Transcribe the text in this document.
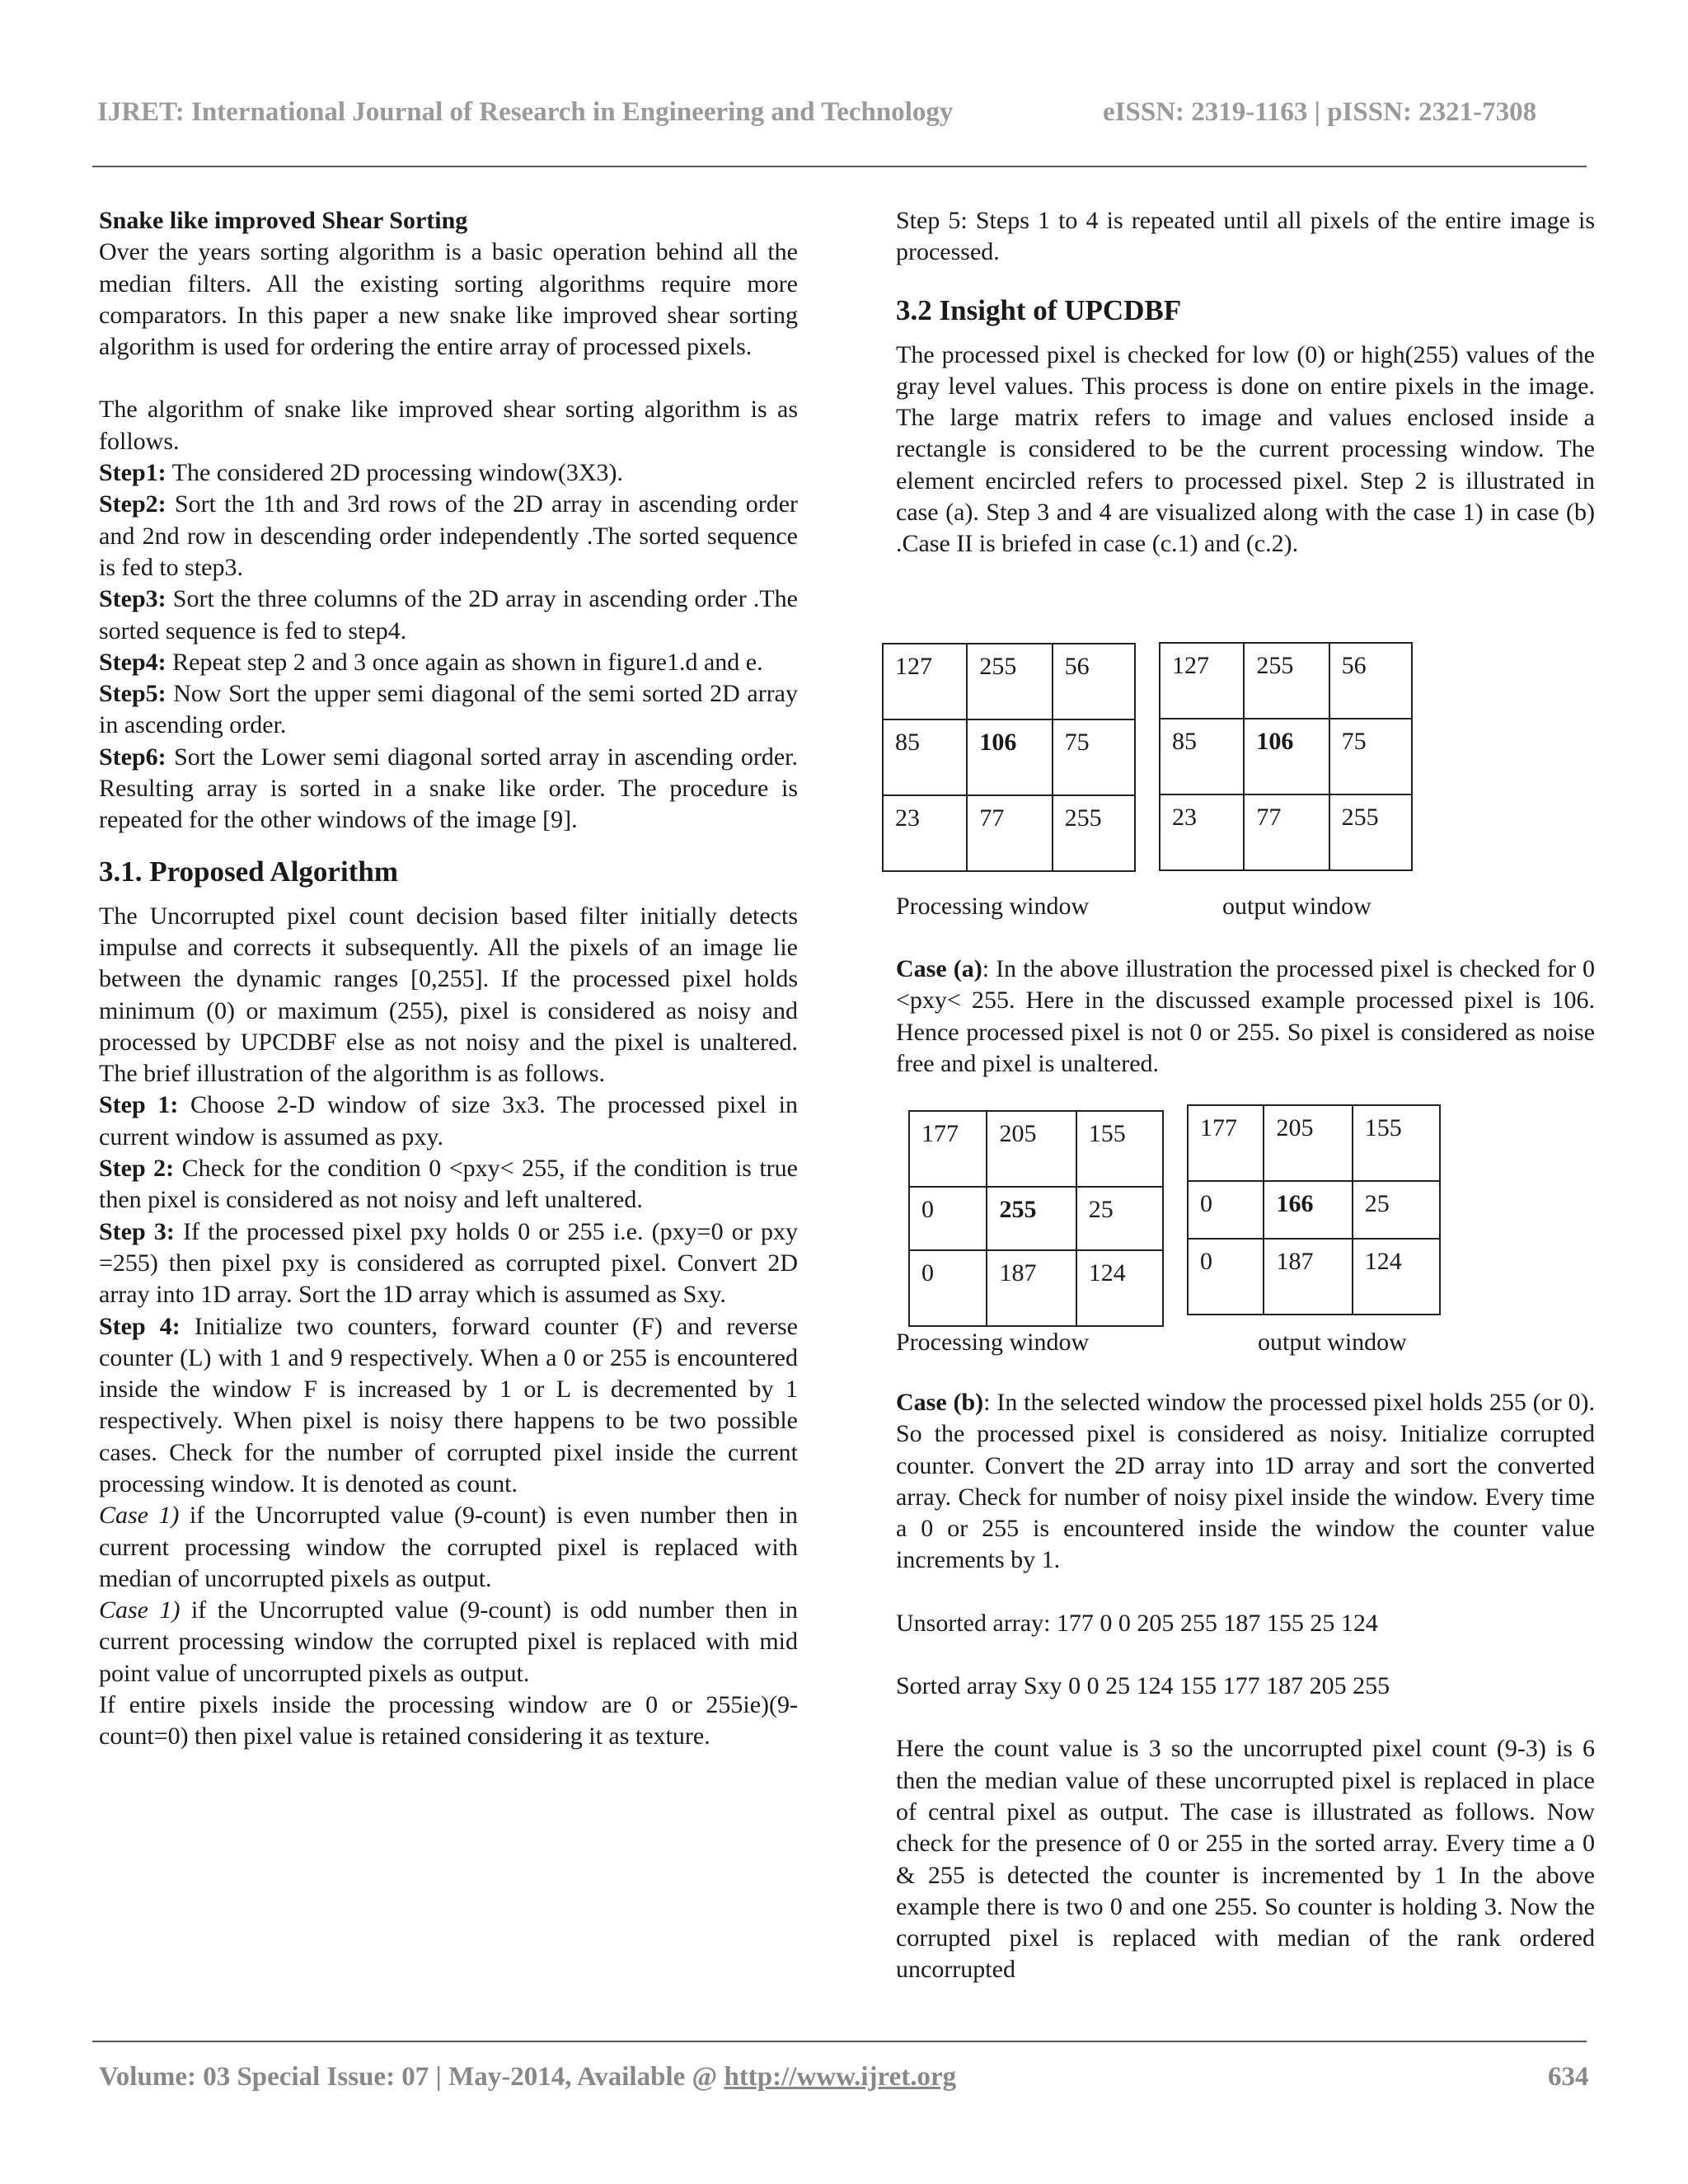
IJRET: International Journal of Research in Engineering and Technology	eISSN: 2319-1163 | pISSN: 2321-7308

Snake like improved Shear Sorting

Over the years sorting algorithm is a basic operation behind all the median filters. All the existing sorting algorithms require more comparators. In this paper a new snake like improved shear sorting algorithm is used for ordering the entire array of processed pixels.

The algorithm of snake like improved shear sorting algorithm is as follows.

Step1: The considered 2D processing window(3X3).

Step2: Sort the 1th and 3rd rows of the 2D array in ascending order and 2nd row in descending order independently .The sorted sequence is fed to step3.

Step3: Sort the three columns of the 2D array in ascending order .The sorted sequence is fed to step4.

Step4: Repeat step 2 and 3 once again as shown in figure1.d and e.

Step5: Now Sort the upper semi diagonal of the semi sorted 2D array in ascending order.

Step6: Sort the Lower semi diagonal sorted array in ascending order. Resulting array is sorted in a snake like order. The procedure is repeated for the other windows of the image [9].

3.1. Proposed Algorithm

The Uncorrupted pixel count decision based filter initially detects impulse and corrects it subsequently. All the pixels of an image lie between the dynamic ranges [0,255]. If the processed pixel holds minimum (0) or maximum (255), pixel is considered as noisy and processed by UPCDBF else as not noisy and the pixel is unaltered. The brief illustration of the algorithm is as follows.

Step 1: Choose 2-D window of size 3x3. The processed pixel in current window is assumed as pxy.

Step 2: Check for the condition 0 <pxy< 255, if the condition is true then pixel is considered as not noisy and left unaltered.

Step 3: If the processed pixel pxy holds 0 or 255 i.e. (pxy=0 or pxy =255) then pixel pxy is considered as corrupted pixel. Convert 2D array into 1D array. Sort the 1D array which is assumed as Sxy.

Step 4: Initialize two counters, forward counter (F) and reverse counter (L) with 1 and 9 respectively. When a 0 or 255 is encountered inside the window F is increased by 1 or L is decremented by 1 respectively. When pixel is noisy there happens to be two possible cases. Check for the number of corrupted pixel inside the current processing window. It is denoted as count.

Case 1) if the Uncorrupted value (9-count) is even number then in current processing window the corrupted pixel is replaced with median of uncorrupted pixels as output.

Case 1) if the Uncorrupted value (9-count) is odd number then in current processing window the corrupted pixel is replaced with mid point value of uncorrupted pixels as output.

If entire pixels inside the processing window are 0 or 255ie)(9-count=0) then pixel value is retained considering it as texture.

Step 5: Steps 1 to 4 is repeated until all pixels of the entire image is processed.

3.2 Insight of UPCDBF

The processed pixel is checked for low (0) or high(255) values of the gray level values. This process is done on entire pixels in the image. The large matrix refers to image and values enclosed inside a rectangle is considered to be the current processing window. The element encircled refers to processed pixel. Step 2 is illustrated in case (a). Step 3 and 4 are visualized along with the case 1) in case (b) .Case II is briefed in case (c.1) and (c.2).

Case (a): In the above illustration the processed pixel is checked for 0 <pxy< 255. Here in the discussed example processed pixel is 106. Hence processed pixel is not 0 or 255. So pixel is considered as noise free and pixel is unaltered.

Case (b): In the selected window the processed pixel holds 255 (or 0). So the processed pixel is considered as noisy. Initialize corrupted counter. Convert the 2D array into 1D array and sort the converted array. Check for number of noisy pixel inside the window. Every time a 0 or 255 is encountered inside the window the counter value increments by 1.

Unsorted array: 177 0 0 205 255 187 155 25 124

Sorted array Sxy 0 0 25 124 155 177 187 205 255

Here the count value is 3 so the uncorrupted pixel count (9-3) is 6 then the median value of these uncorrupted pixel is replaced in place of central pixel as output. The case is illustrated as follows. Now check for the presence of 0 or 255 in the sorted array. Every time a 0 & 255 is detected the counter is incremented by 1 In the above example there is two 0 and one 255. So counter is holding 3. Now the corrupted pixel is replaced with median of the rank ordered uncorrupted

127	255	56
85	106	75
23	77	255
127	255	56
85	106	75
23	77	255
Processing window	output window
177	205	155
0	255	25
0	187	124
177	205	155
0	166	25
0	187	124
Processing window	output window
Volume: 03 Special Issue: 07 | May-2014, Available @ http://www.ijret.org	634
